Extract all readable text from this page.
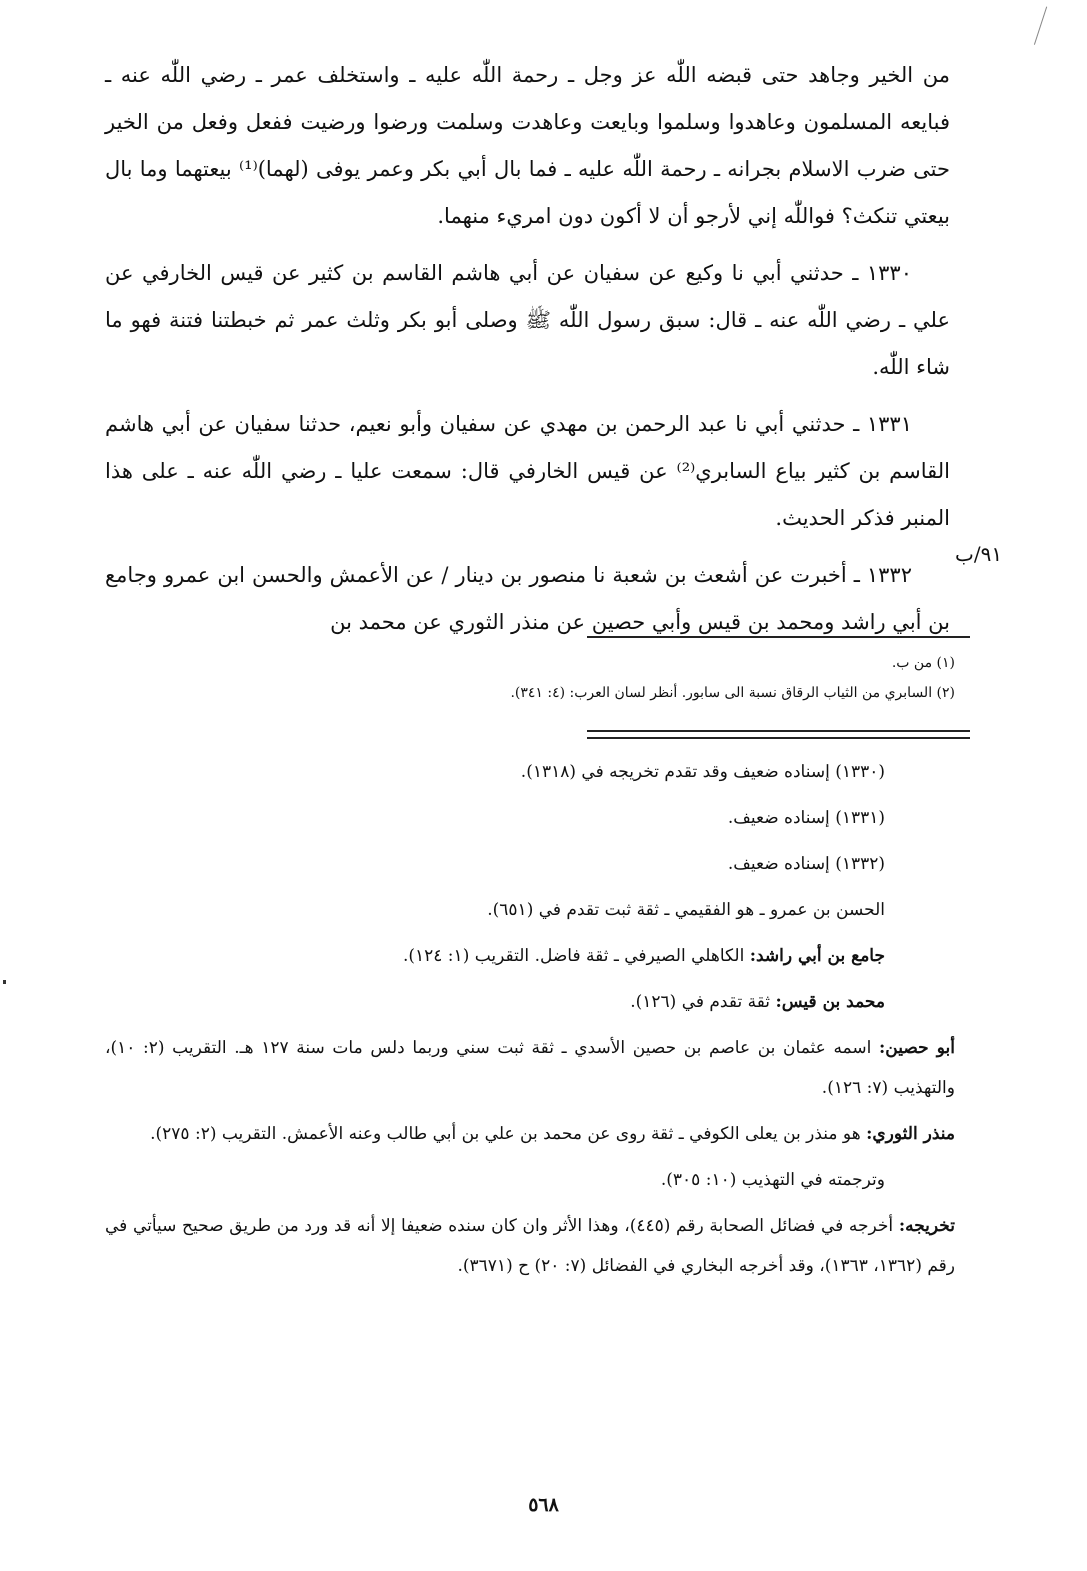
من الخير وجاهد حتى قبضه اللّٰه عز وجل ـ رحمة اللّٰه عليه ـ واستخلف عمر ـ رضي اللّٰه عنه ـ فبايعه المسلمون وعاهدوا وسلموا وبايعت وعاهدت وسلمت ورضوا ورضيت ففعل وفعل من الخير حتى ضرب الاسلام بجرانه ـ رحمة اللّٰه عليه ـ فما بال أبي بكر وعمر يوفى (لهما)⁽¹⁾ بيعتهما وما بال بيعتي تنكث؟ فواللّٰه إني لأرجو أن لا أكون دون امريء منهما.

١٣٣٠ ـ حدثني أبي نا وكيع عن سفيان عن أبي هاشم القاسم بن كثير عن قيس الخارفي عن علي ـ رضي اللّٰه عنه ـ قال: سبق رسول اللّٰه ﷺ وصلى أبو بكر وثلث عمر ثم خبطتنا فتنة فهو ما شاء اللّٰه.

١٣٣١ ـ حدثني أبي نا عبد الرحمن بن مهدي عن سفيان وأبو نعيم، حدثنا سفيان عن أبي هاشم القاسم بن كثير بياع السابري⁽²⁾ عن قيس الخارفي قال: سمعت عليا ـ رضي اللّٰه عنه ـ على هذا المنبر فذكر الحديث.

١٣٣٢ ـ أخبرت عن أشعث بن شعبة نا منصور بن دينار / عن الأعمش والحسن ابن عمرو وجامع بن أبي راشد ومحمد بن قيس وأبي حصين عن منذر الثوري عن محمد بن

٩١/ب
(١) من ب.
(٢) السابري من الثياب الرقاق نسبة الى سابور. أنظر لسان العرب: (٤: ٣٤١).

(١٣٣٠) إسناده ضعيف وقد تقدم تخريجه في (١٣١٨).

(١٣٣١) إسناده ضعيف.

(١٣٣٢) إسناده ضعيف.

الحسن بن عمرو ـ هو الفقيمي ـ ثقة ثبت تقدم في (٦٥١).

جامع بن أبي راشد: الكاهلي الصيرفي ـ ثقة فاضل. التقريب (١: ١٢٤).

محمد بن قيس: ثقة تقدم في (١٢٦).

أبو حصين: اسمه عثمان بن عاصم بن حصين الأسدي ـ ثقة ثبت سني وربما دلس مات سنة ١٢٧ هـ. التقريب (٢: ١٠)، والتهذيب (٧: ١٢٦).

منذر الثوري: هو منذر بن يعلى الكوفي ـ ثقة روى عن محمد بن علي بن أبي طالب وعنه الأعمش. التقريب (٢: ٢٧٥).

وترجمته في التهذيب (١٠: ٣٠٥).

تخريجه: أخرجه في فضائل الصحابة رقم (٤٤٥)، وهذا الأثر وان كان سنده ضعيفا إلا أنه قد ورد من طريق صحيح سيأتي في رقم (١٣٦٢، ١٣٦٣)، وقد أخرجه البخاري في الفضائل (٧: ٢٠) ح (٣٦٧١).

٥٦٨
